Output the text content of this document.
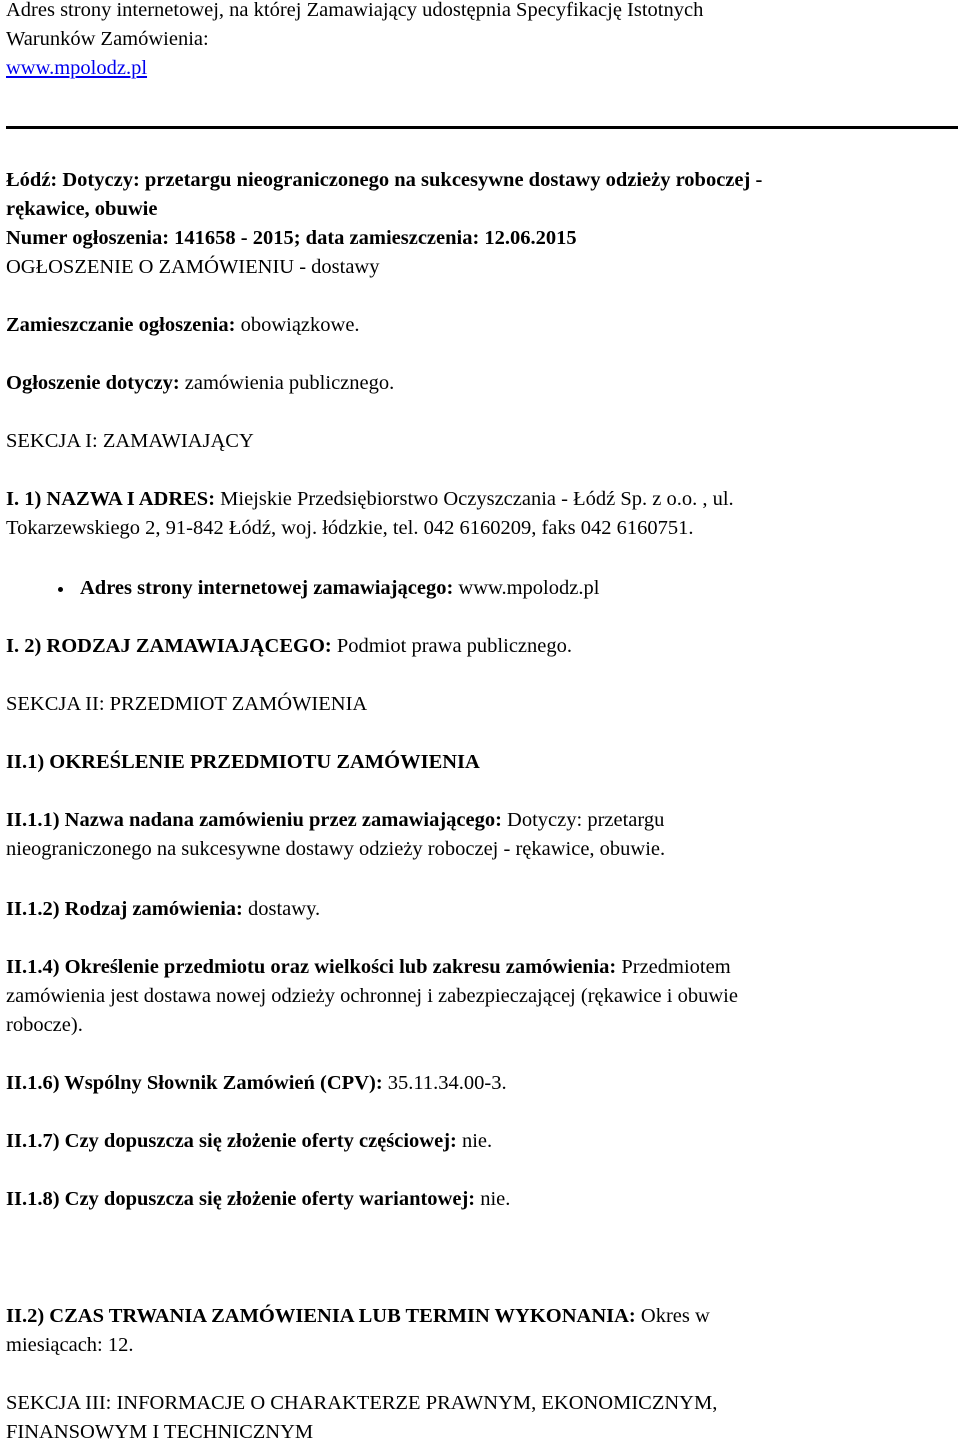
Adres strony internetowej, na której Zamawiający udostępnia Specyfikację Istotnych
Warunków Zamówienia:
www.mpolodz.pl
Łódź: Dotyczy: przetargu nieograniczonego na sukcesywne dostawy odzieży roboczej -
rękawice, obuwie
Numer ogłoszenia: 141658 - 2015; data zamieszczenia: 12.06.2015
OGŁOSZENIE O ZAMÓWIENIU - dostawy
Zamieszczanie ogłoszenia: obowiązkowe.
Ogłoszenie dotyczy: zamówienia publicznego.
SEKCJA I: ZAMAWIAJĄCY
I. 1) NAZWA I ADRES: Miejskie Przedsiębiorstwo Oczyszczania - Łódź Sp. z o.o. , ul.
Tokarzewskiego 2, 91-842 Łódź, woj. łódzkie, tel. 042 6160209, faks 042 6160751.
Adres strony internetowej zamawiającego: www.mpolodz.pl
I. 2) RODZAJ ZAMAWIAJĄCEGO: Podmiot prawa publicznego.
SEKCJA II: PRZEDMIOT ZAMÓWIENIA
II.1) OKREŚLENIE PRZEDMIOTU ZAMÓWIENIA
II.1.1) Nazwa nadana zamówieniu przez zamawiającego: Dotyczy: przetargu
nieograniczonego na sukcesywne dostawy odzieży roboczej - rękawice, obuwie.
II.1.2) Rodzaj zamówienia: dostawy.
II.1.4) Określenie przedmiotu oraz wielkości lub zakresu zamówienia: Przedmiotem
zamówienia jest dostawa nowej odzieży ochronnej i zabezpieczającej (rękawice i obuwie
robocze).
II.1.6) Wspólny Słownik Zamówień (CPV): 35.11.34.00-3.
II.1.7) Czy dopuszcza się złożenie oferty częściowej: nie.
II.1.8) Czy dopuszcza się złożenie oferty wariantowej: nie.
II.2) CZAS TRWANIA ZAMÓWIENIA LUB TERMIN WYKONANIA: Okres w
miesiącach: 12.
SEKCJA III: INFORMACJE O CHARAKTERZE PRAWNYM, EKONOMICZNYM,
FINANSOWYM I TECHNICZNYM
